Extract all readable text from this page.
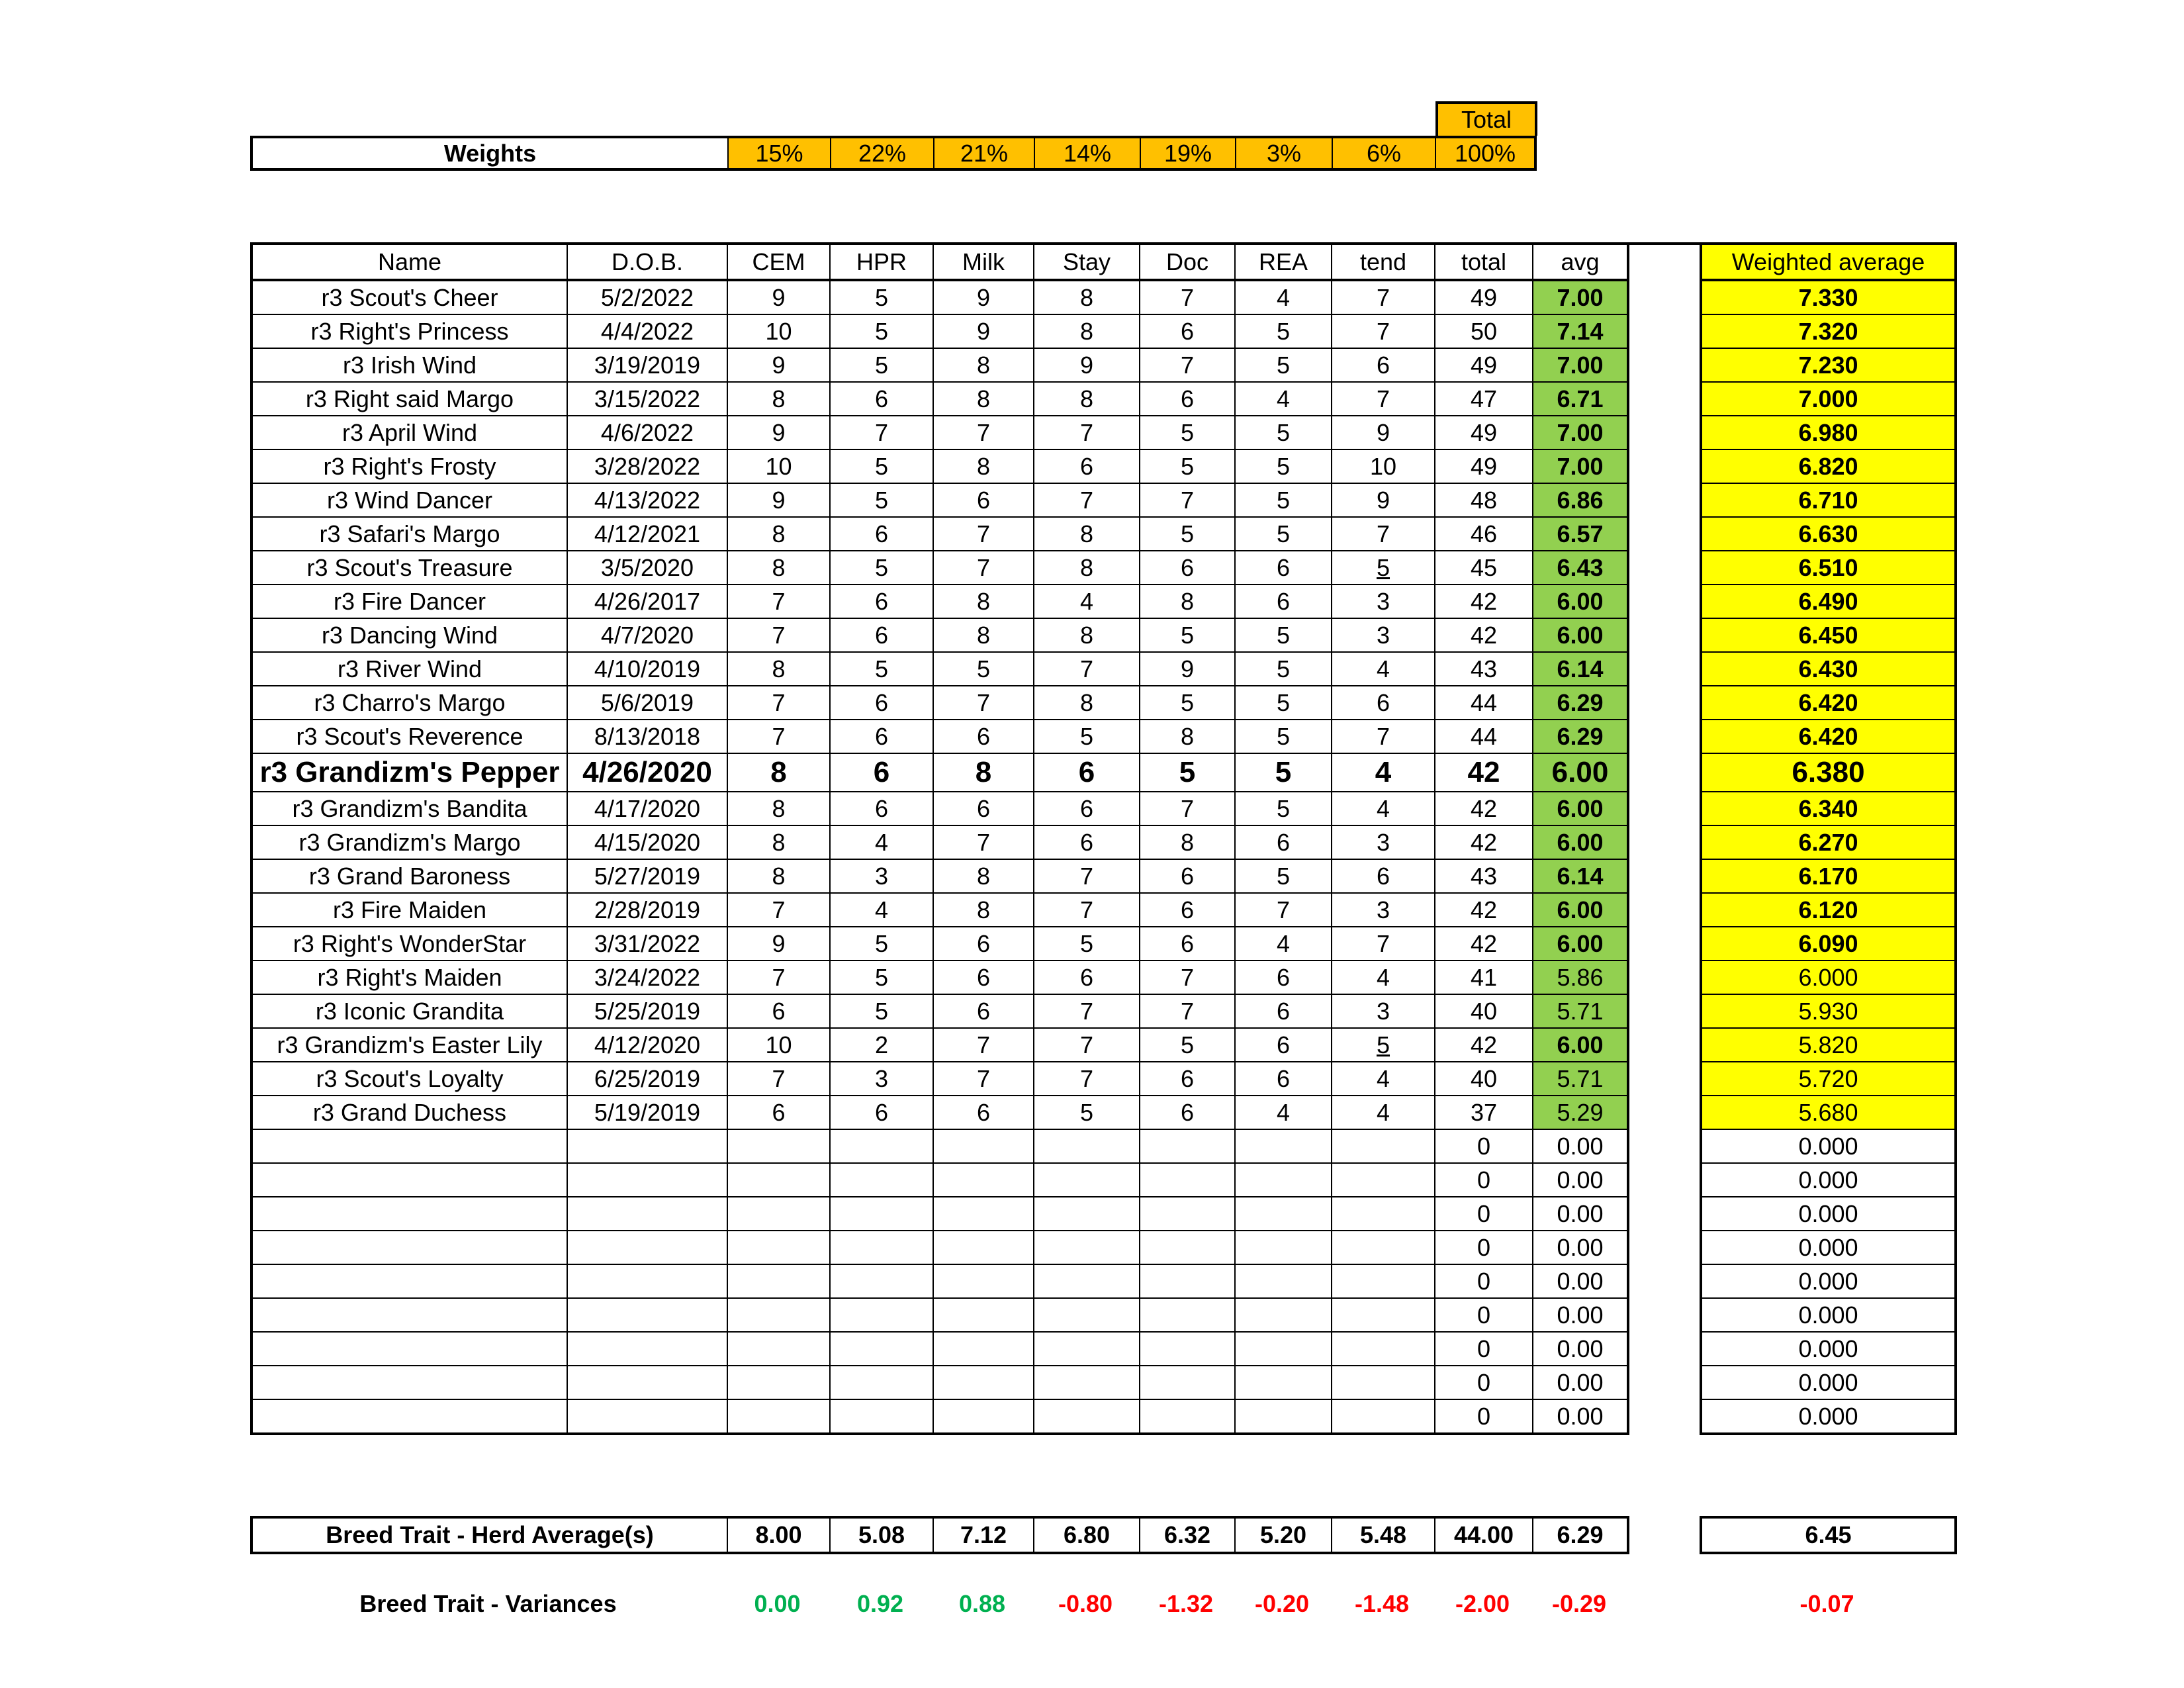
Total
Weights	15%	22%	21%	14%	19%	3%	6%	100%
Name	D.O.B.	CEM	HPR	Milk	Stay	Doc	REA	tend	total	avg		Weighted average
r3 Scout's Cheer	5/2/2022	9	5	9	8	7	4	7	49	7.00		7.330
r3 Right's Princess	4/4/2022	10	5	9	8	6	5	7	50	7.14		7.320
r3 Irish Wind	3/19/2019	9	5	8	9	7	5	6	49	7.00		7.230
r3 Right said Margo	3/15/2022	8	6	8	8	6	4	7	47	6.71		7.000
r3 April Wind	4/6/2022	9	7	7	7	5	5	9	49	7.00		6.980
r3 Right's Frosty	3/28/2022	10	5	8	6	5	5	10	49	7.00		6.820
r3 Wind Dancer	4/13/2022	9	5	6	7	7	5	9	48	6.86		6.710
r3 Safari's Margo	4/12/2021	8	6	7	8	5	5	7	46	6.57		6.630
r3 Scout's Treasure	3/5/2020	8	5	7	8	6	6	5	45	6.43		6.510
r3 Fire Dancer	4/26/2017	7	6	8	4	8	6	3	42	6.00		6.490
r3 Dancing Wind	4/7/2020	7	6	8	8	5	5	3	42	6.00		6.450
r3 River Wind	4/10/2019	8	5	5	7	9	5	4	43	6.14		6.430
r3 Charro's Margo	5/6/2019	7	6	7	8	5	5	6	44	6.29		6.420
r3 Scout's Reverence	8/13/2018	7	6	6	5	8	5	7	44	6.29		6.420
r3 Grandizm's Pepper	4/26/2020	8	6	8	6	5	5	4	42	6.00		6.380
r3 Grandizm's Bandita	4/17/2020	8	6	6	6	7	5	4	42	6.00		6.340
r3 Grandizm's Margo	4/15/2020	8	4	7	6	8	6	3	42	6.00		6.270
r3 Grand Baroness	5/27/2019	8	3	8	7	6	5	6	43	6.14		6.170
r3 Fire Maiden	2/28/2019	7	4	8	7	6	7	3	42	6.00		6.120
r3 Right's WonderStar	3/31/2022	9	5	6	5	6	4	7	42	6.00		6.090
r3 Right's Maiden	3/24/2022	7	5	6	6	7	6	4	41	5.86		6.000
r3 Iconic Grandita	5/25/2019	6	5	6	7	7	6	3	40	5.71		5.930
r3 Grandizm's Easter Lily	4/12/2020	10	2	7	7	5	6	5	42	6.00		5.820
r3 Scout's Loyalty	6/25/2019	7	3	7	7	6	6	4	40	5.71		5.720
r3 Grand Duchess	5/19/2019	6	6	6	5	6	4	4	37	5.29		5.680
									0	0.00		0.000
									0	0.00		0.000
									0	0.00		0.000
									0	0.00		0.000
									0	0.00		0.000
									0	0.00		0.000
									0	0.00		0.000
									0	0.00		0.000
									0	0.00		0.000
Breed Trait - Herd Average(s)	8.00	5.08	7.12	6.80	6.32	5.20	5.48	44.00	6.29		6.45
Breed Trait - Variances	0.00	0.92	0.88	-0.80	-1.32	-0.20	-1.48	-2.00	-0.29		-0.07
